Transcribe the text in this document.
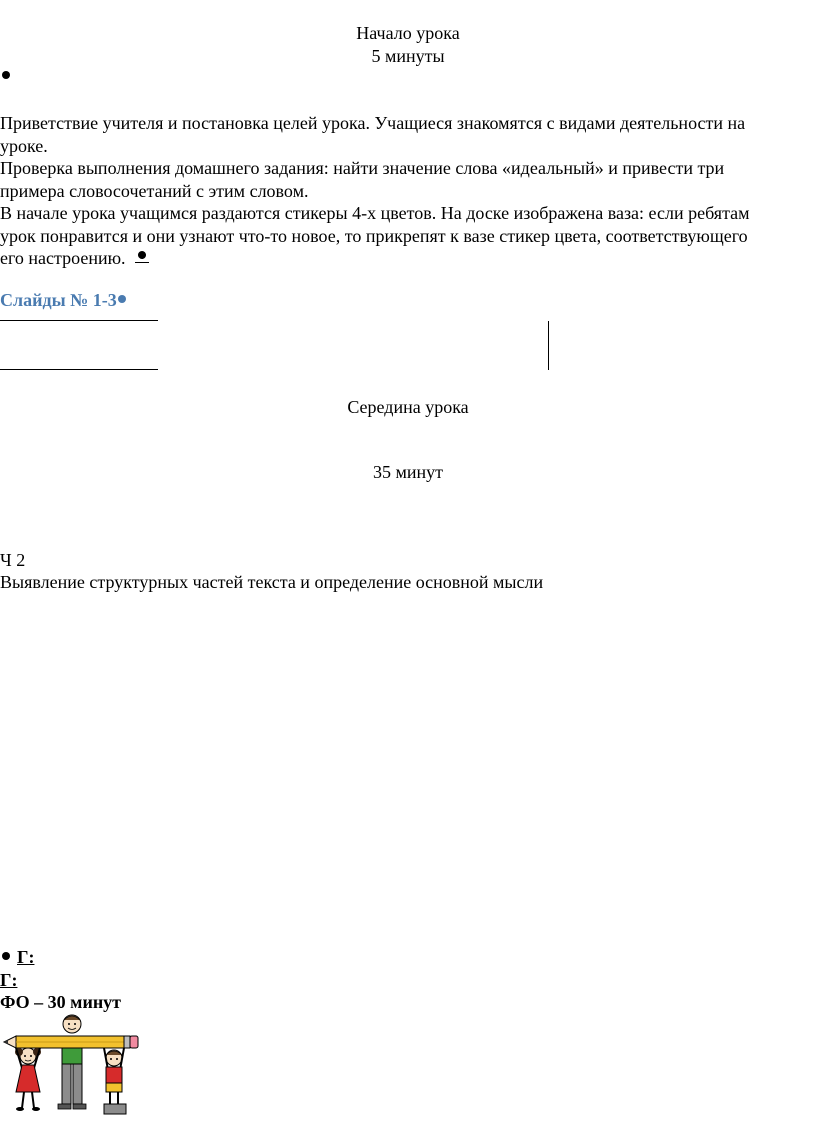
Начало урока
5 минуты
Приветствие учителя и постановка целей урока. Учащиеся знакомятся с видами деятельности на
уроке.
Проверка выполнения домашнего задания: найти значение слова «идеальный» и привести три
примера словосочетаний с этим словом.
В начале урока учащимся раздаются стикеры 4-х цветов. На доске изображена ваза: если ребятам
урок понравится и они узнают что-то новое, то прикрепят к вазе стикер цвета, соответствующего
его настроению.
Слайды № 1-3
Середина урока
35 минут
Ч 2
Выявление структурных частей текста и определение основной мысли
Г:
Г:
ФО – 30 минут
